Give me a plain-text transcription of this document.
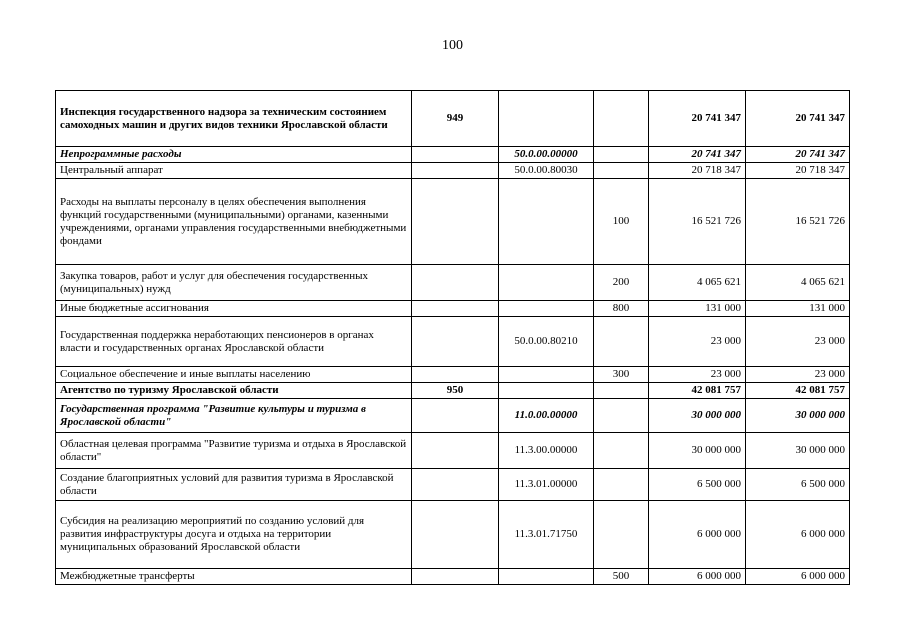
100
Инспекция государственного надзора за техническим состоянием самоходных машин и других видов техники Ярославской области	949			20 741 347	20 741 347
Непрограммные расходы		50.0.00.00000		20 741 347	20 741 347
Центральный аппарат		50.0.00.80030		20 718 347	20 718 347
Расходы на выплаты персоналу в целях обеспечения выполнения функций государственными (муниципальными) органами, казенными учреждениями, органами управления государственными внебюджетными фондами			100	16 521 726	16 521 726
Закупка товаров, работ и услуг для обеспечения государственных (муниципальных) нужд			200	4 065 621	4 065 621
Иные бюджетные ассигнования			800	131 000	131 000
Государственная поддержка неработающих пенсионеров в органах власти и государственных органах Ярославской области		50.0.00.80210		23 000	23 000
Социальное обеспечение и иные выплаты населению			300	23 000	23 000
Агентство по туризму Ярославской области	950			42 081 757	42 081 757
Государственная программа "Развитие культуры и туризма в Ярославской области"		11.0.00.00000		30 000 000	30 000 000
Областная целевая программа "Развитие туризма и отдыха в Ярославской области"		11.3.00.00000		30 000 000	30 000 000
Создание благоприятных условий для развития туризма в Ярославской области		11.3.01.00000		6 500 000	6 500 000
Субсидия на реализацию мероприятий по созданию условий для развития инфраструктуры досуга и отдыха на территории муниципальных образований Ярославской области		11.3.01.71750		6 000 000	6 000 000
Межбюджетные трансферты			500	6 000 000	6 000 000
